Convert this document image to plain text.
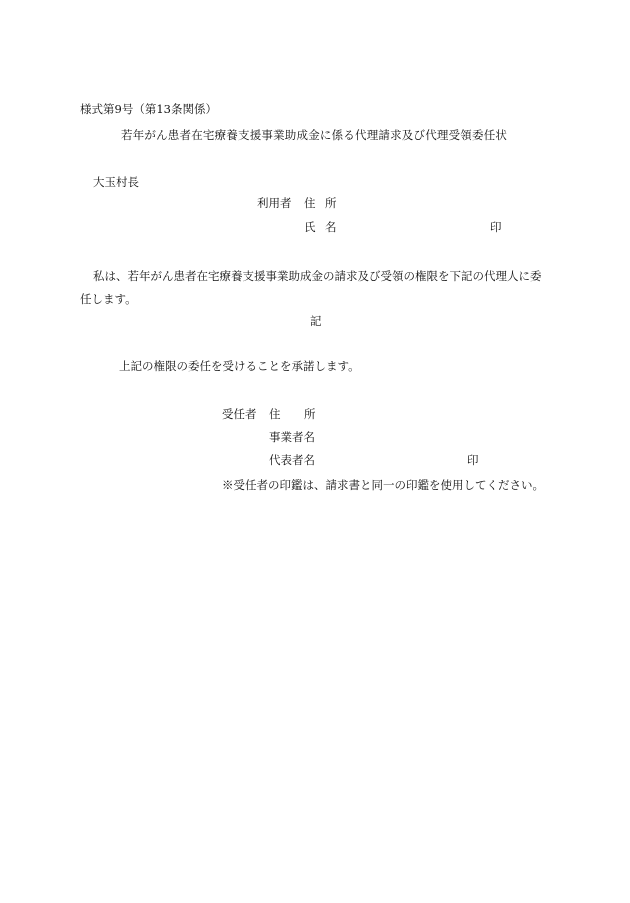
様式第9号（第13条関係）
若年がん患者在宅療養支援事業助成金に係る代理請求及び代理受領委任状
大玉村長
利用者 住 所
氏 名	印
私は、若年がん患者在宅療養支援事業助成金の請求及び受領の権限を下記の代理人に委
任します。
記
上記の権限の委任を受けることを承諾します。
受任者 住 所
事業者名
代表者名	印
※受任者の印鑑は、請求書と同一の印鑑を使用してください。
